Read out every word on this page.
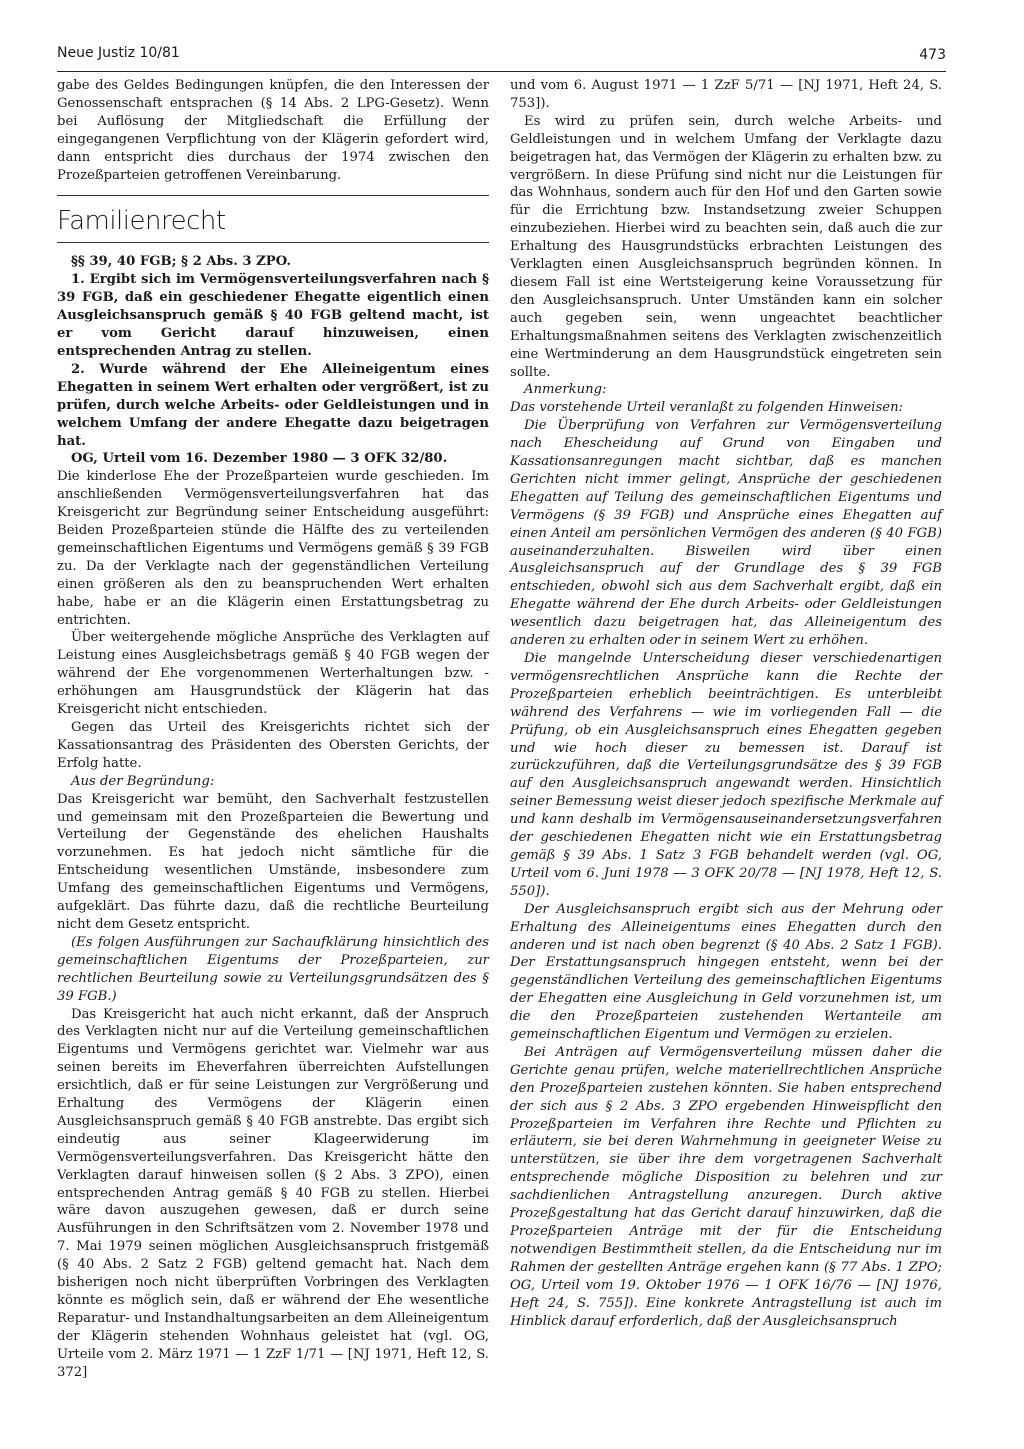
Neue Justiz 10/81	473

gabe des Geldes Bedingungen knüpfen, die den Interessen der Genossenschaft entsprachen (§ 14 Abs. 2 LPG-Gesetz). Wenn bei Auflösung der Mitgliedschaft die Erfüllung der eingegangenen Verpflichtung von der Klägerin gefordert wird, dann entspricht dies durchaus der 1974 zwischen den Prozeßparteien getroffenen Vereinbarung.

Familienrecht

§§ 39, 40 FGB; § 2 Abs. 3 ZPO.

1. Ergibt sich im Vermögensverteilungsverfahren nach § 39 FGB, daß ein geschiedener Ehegatte eigentlich einen Ausgleichsanspruch gemäß § 40 FGB geltend macht, ist er vom Gericht darauf hinzuweisen, einen entsprechenden Antrag zu stellen.

2. Wurde während der Ehe Alleineigentum eines Ehegatten in seinem Wert erhalten oder vergrößert, ist zu prüfen, durch welche Arbeits- oder Geldleistungen und in welchem Umfang der andere Ehegatte dazu beigetragen hat.

OG, Urteil vom 16. Dezember 1980 — 3 OFK 32/80.

Die kinderlose Ehe der Prozeßparteien wurde geschieden. Im anschließenden Vermögensverteilungsverfahren hat das Kreisgericht zur Begründung seiner Entscheidung ausgeführt: Beiden Prozeßparteien stünde die Hälfte des zu verteilenden gemeinschaftlichen Eigentums und Vermögens gemäß § 39 FGB zu. Da der Verklagte nach der gegenständlichen Verteilung einen größeren als den zu beanspruchenden Wert erhalten habe, habe er an die Klägerin einen Erstattungsbetrag zu entrichten.

Über weitergehende mögliche Ansprüche des Verklagten auf Leistung eines Ausgleichsbetrags gemäß § 40 FGB wegen der während der Ehe vorgenommenen Werterhaltungen bzw. -erhöhungen am Hausgrundstück der Klägerin hat das Kreisgericht nicht entschieden.

Gegen das Urteil des Kreisgerichts richtet sich der Kassationsantrag des Präsidenten des Obersten Gerichts, der Erfolg hatte.

Aus der Begründung:

Das Kreisgericht war bemüht, den Sachverhalt festzustellen und gemeinsam mit den Prozeßparteien die Bewertung und Verteilung der Gegenstände des ehelichen Haushalts vorzunehmen. Es hat jedoch nicht sämtliche für die Entscheidung wesentlichen Umstände, insbesondere zum Umfang des gemeinschaftlichen Eigentums und Vermögens, aufgeklärt. Das führte dazu, daß die rechtliche Beurteilung nicht dem Gesetz entspricht.

(Es folgen Ausführungen zur Sachaufklärung hinsichtlich des gemeinschaftlichen Eigentums der Prozeßparteien, zur rechtlichen Beurteilung sowie zu Verteilungsgrundsätzen des § 39 FGB.)

Das Kreisgericht hat auch nicht erkannt, daß der Anspruch des Verklagten nicht nur auf die Verteilung gemeinschaftlichen Eigentums und Vermögens gerichtet war. Vielmehr war aus seinen bereits im Eheverfahren überreichten Aufstellungen ersichtlich, daß er für seine Leistungen zur Vergrößerung und Erhaltung des Vermögens der Klägerin einen Ausgleichsanspruch gemäß § 40 FGB anstrebte. Das ergibt sich eindeutig aus seiner Klageerwiderung im Vermögensverteilungsverfahren. Das Kreisgericht hätte den Verklagten darauf hinweisen sollen (§ 2 Abs. 3 ZPO), einen entsprechenden Antrag gemäß § 40 FGB zu stellen. Hierbei wäre davon auszugehen gewesen, daß er durch seine Ausführungen in den Schriftsätzen vom 2. November 1978 und 7. Mai 1979 seinen möglichen Ausgleichsanspruch fristgemäß (§ 40 Abs. 2 Satz 2 FGB) geltend gemacht hat. Nach dem bisherigen noch nicht überprüften Vorbringen des Verklagten könnte es möglich sein, daß er während der Ehe wesentliche Reparatur- und Instandhaltungsarbeiten an dem Alleineigentum der Klägerin stehenden Wohnhaus geleistet hat (vgl. OG, Urteile vom 2. März 1971 — 1 ZzF 1/71 — [NJ 1971, Heft 12, S. 372]

und vom 6. August 1971 — 1 ZzF 5/71 — [NJ 1971, Heft 24, S. 753]).

Es wird zu prüfen sein, durch welche Arbeits- und Geldleistungen und in welchem Umfang der Verklagte dazu beigetragen hat, das Vermögen der Klägerin zu erhalten bzw. zu vergrößern. In diese Prüfung sind nicht nur die Leistungen für das Wohnhaus, sondern auch für den Hof und den Garten sowie für die Errichtung bzw. Instandsetzung zweier Schuppen einzubeziehen. Hierbei wird zu beachten sein, daß auch die zur Erhaltung des Hausgrundstücks erbrachten Leistungen des Verklagten einen Ausgleichsanspruch begründen können. In diesem Fall ist eine Wertsteigerung keine Voraussetzung für den Ausgleichsanspruch. Unter Umständen kann ein solcher auch gegeben sein, wenn ungeachtet beachtlicher Erhaltungsmaßnahmen seitens des Verklagten zwischenzeitlich eine Wertminderung an dem Hausgrundstück eingetreten sein sollte.

Anmerkung:

Das vorstehende Urteil veranlaßt zu folgenden Hinweisen:

Die Überprüfung von Verfahren zur Vermögensverteilung nach Ehescheidung auf Grund von Eingaben und Kassationsanregungen macht sichtbar, daß es manchen Gerichten nicht immer gelingt, Ansprüche der geschiedenen Ehegatten auf Teilung des gemeinschaftlichen Eigentums und Vermögens (§ 39 FGB) und Ansprüche eines Ehegatten auf einen Anteil am persönlichen Vermögen des anderen (§ 40 FGB) auseinanderzuhalten. Bisweilen wird über einen Ausgleichsanspruch auf der Grundlage des § 39 FGB entschieden, obwohl sich aus dem Sachverhalt ergibt, daß ein Ehegatte während der Ehe durch Arbeits- oder Geldleistungen wesentlich dazu beigetragen hat, das Alleineigentum des anderen zu erhalten oder in seinem Wert zu erhöhen.

Die mangelnde Unterscheidung dieser verschiedenartigen vermögensrechtlichen Ansprüche kann die Rechte der Prozeßparteien erheblich beeinträchtigen. Es unterbleibt während des Verfahrens — wie im vorliegenden Fall — die Prüfung, ob ein Ausgleichsanspruch eines Ehegatten gegeben und wie hoch dieser zu bemessen ist. Darauf ist zurückzuführen, daß die Verteilungsgrundsätze des § 39 FGB auf den Ausgleichsanspruch angewandt werden. Hinsichtlich seiner Bemessung weist dieser jedoch spezifische Merkmale auf und kann deshalb im Vermögensauseinandersetzungsverfahren der geschiedenen Ehegatten nicht wie ein Erstattungsbetrag gemäß § 39 Abs. 1 Satz 3 FGB behandelt werden (vgl. OG, Urteil vom 6. Juni 1978 — 3 OFK 20/78 — [NJ 1978, Heft 12, S. 550]).

Der Ausgleichsanspruch ergibt sich aus der Mehrung oder Erhaltung des Alleineigentums eines Ehegatten durch den anderen und ist nach oben begrenzt (§ 40 Abs. 2 Satz 1 FGB). Der Erstattungsanspruch hingegen entsteht, wenn bei der gegenständlichen Verteilung des gemeinschaftlichen Eigentums der Ehegatten eine Ausgleichung in Geld vorzunehmen ist, um die den Prozeßparteien zustehenden Wertanteile am gemeinschaftlichen Eigentum und Vermögen zu erzielen.

Bei Anträgen auf Vermögensverteilung müssen daher die Gerichte genau prüfen, welche materiellrechtlichen Ansprüche den Prozeßparteien zustehen könnten. Sie haben entsprechend der sich aus § 2 Abs. 3 ZPO ergebenden Hinweispflicht den Prozeßparteien im Verfahren ihre Rechte und Pflichten zu erläutern, sie bei deren Wahrnehmung in geeigneter Weise zu unterstützen, sie über ihre dem vorgetragenen Sachverhalt entsprechende mögliche Disposition zu belehren und zur sachdienlichen Antragstellung anzuregen. Durch aktive Prozeßgestaltung hat das Gericht darauf hinzuwirken, daß die Prozeßparteien Anträge mit der für die Entscheidung notwendigen Bestimmtheit stellen, da die Entscheidung nur im Rahmen der gestellten Anträge ergehen kann (§ 77 Abs. 1 ZPO; OG, Urteil vom 19. Oktober 1976 — 1 OFK 16/76 — [NJ 1976, Heft 24, S. 755]). Eine konkrete Antragstellung ist auch im Hinblick darauf erforderlich, daß der Ausgleichsanspruch
